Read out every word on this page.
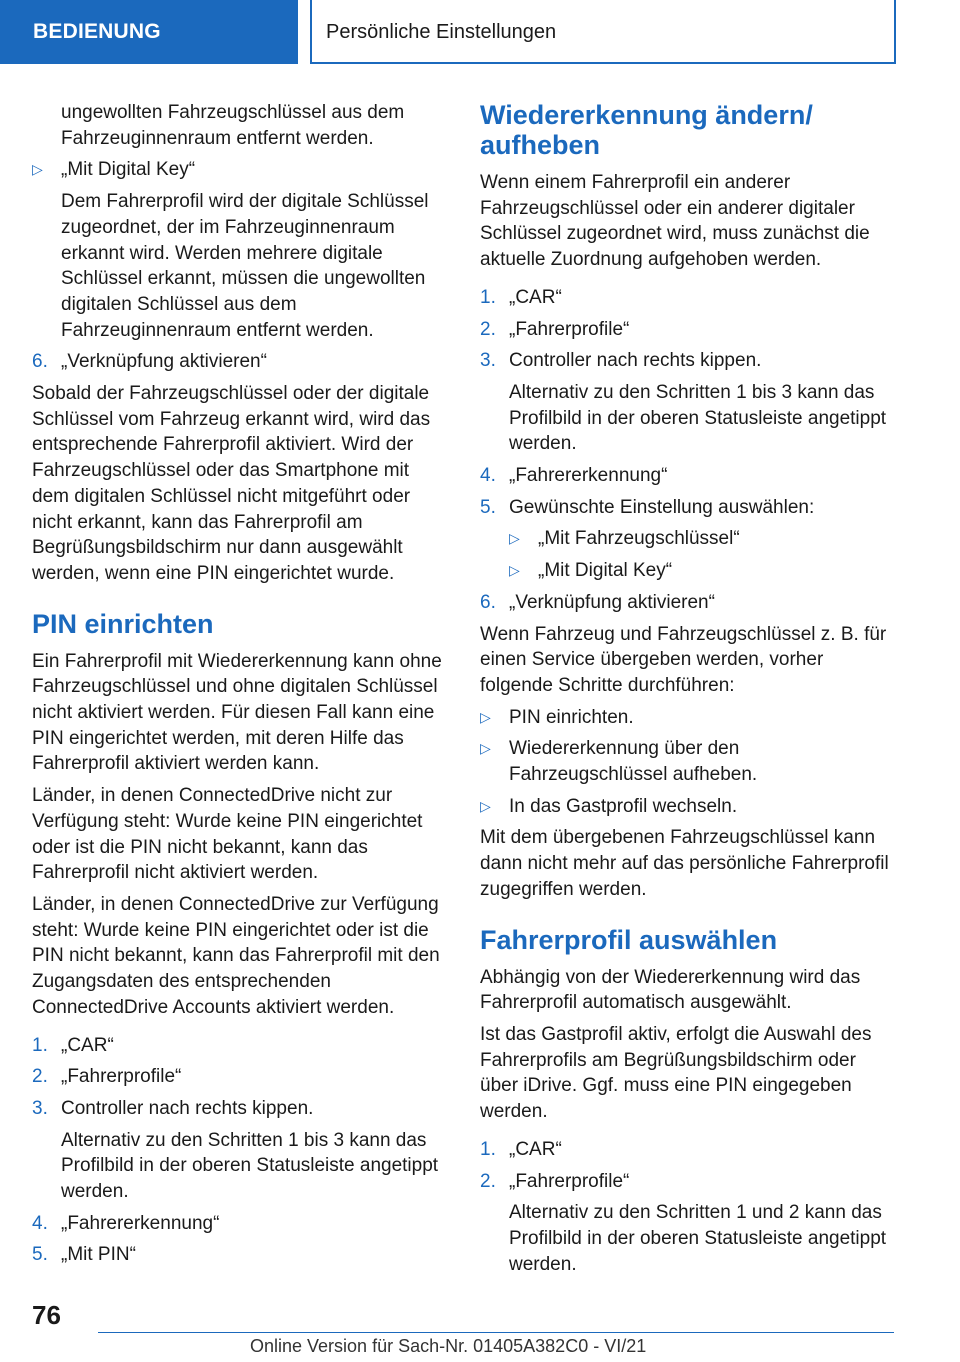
BEDIENUNG	Persönliche Einstellungen
ungewollten Fahrzeugschlüssel aus dem Fahrzeuginnenraum entfernt werden.
▷ „Mit Digital Key“
Dem Fahrerprofil wird der digitale Schlüssel zugeordnet, der im Fahrzeuginnenraum erkannt wird. Werden mehrere digitale Schlüssel erkannt, müssen die ungewollten digitalen Schlüssel aus dem Fahrzeuginnenraum entfernt werden.
6. „Verknüpfung aktivieren“
Sobald der Fahrzeugschlüssel oder der digitale Schlüssel vom Fahrzeug erkannt wird, wird das entsprechende Fahrerprofil aktiviert. Wird der Fahrzeugschlüssel oder das Smartphone mit dem digitalen Schlüssel nicht mitgeführt oder nicht erkannt, kann das Fahrerprofil am Begrüßungsbildschirm nur dann ausgewählt werden, wenn eine PIN eingerichtet wurde.
PIN einrichten
Ein Fahrerprofil mit Wiedererkennung kann ohne Fahrzeugschlüssel und ohne digitalen Schlüssel nicht aktiviert werden. Für diesen Fall kann eine PIN eingerichtet werden, mit deren Hilfe das Fahrerprofil aktiviert werden kann.
Länder, in denen ConnectedDrive nicht zur Verfügung steht: Wurde keine PIN eingerichtet oder ist die PIN nicht bekannt, kann das Fahrerprofil nicht aktiviert werden.
Länder, in denen ConnectedDrive zur Verfügung steht: Wurde keine PIN eingerichtet oder ist die PIN nicht bekannt, kann das Fahrerprofil mit den Zugangsdaten des entsprechenden ConnectedDrive Accounts aktiviert werden.
1. „CAR“
2. „Fahrerprofile“
3. Controller nach rechts kippen.
Alternativ zu den Schritten 1 bis 3 kann das Profilbild in der oberen Statusleiste angetippt werden.
4. „Fahrererkennung“
5. „Mit PIN“
Wiedererkennung ändern/ aufheben
Wenn einem Fahrerprofil ein anderer Fahrzeugschlüssel oder ein anderer digitaler Schlüssel zugeordnet wird, muss zunächst die aktuelle Zuordnung aufgehoben werden.
1. „CAR“
2. „Fahrerprofile“
3. Controller nach rechts kippen.
Alternativ zu den Schritten 1 bis 3 kann das Profilbild in der oberen Statusleiste angetippt werden.
4. „Fahrererkennung“
5. Gewünschte Einstellung auswählen:
▷ „Mit Fahrzeugschlüssel“
▷ „Mit Digital Key“
6. „Verknüpfung aktivieren“
Wenn Fahrzeug und Fahrzeugschlüssel z. B. für einen Service übergeben werden, vorher folgende Schritte durchführen:
▷ PIN einrichten.
▷ Wiedererkennung über den Fahrzeugschlüssel aufheben.
▷ In das Gastprofil wechseln.
Mit dem übergebenen Fahrzeugschlüssel kann dann nicht mehr auf das persönliche Fahrerprofil zugegriffen werden.
Fahrerprofil auswählen
Abhängig von der Wiedererkennung wird das Fahrerprofil automatisch ausgewählt.
Ist das Gastprofil aktiv, erfolgt die Auswahl des Fahrerprofils am Begrüßungsbildschirm oder über iDrive. Ggf. muss eine PIN eingegeben werden.
1. „CAR“
2. „Fahrerprofile“
Alternativ zu den Schritten 1 und 2 kann das Profilbild in der oberen Statusleiste angetippt werden.
76
Online Version für Sach-Nr. 01405A382C0 - VI/21
